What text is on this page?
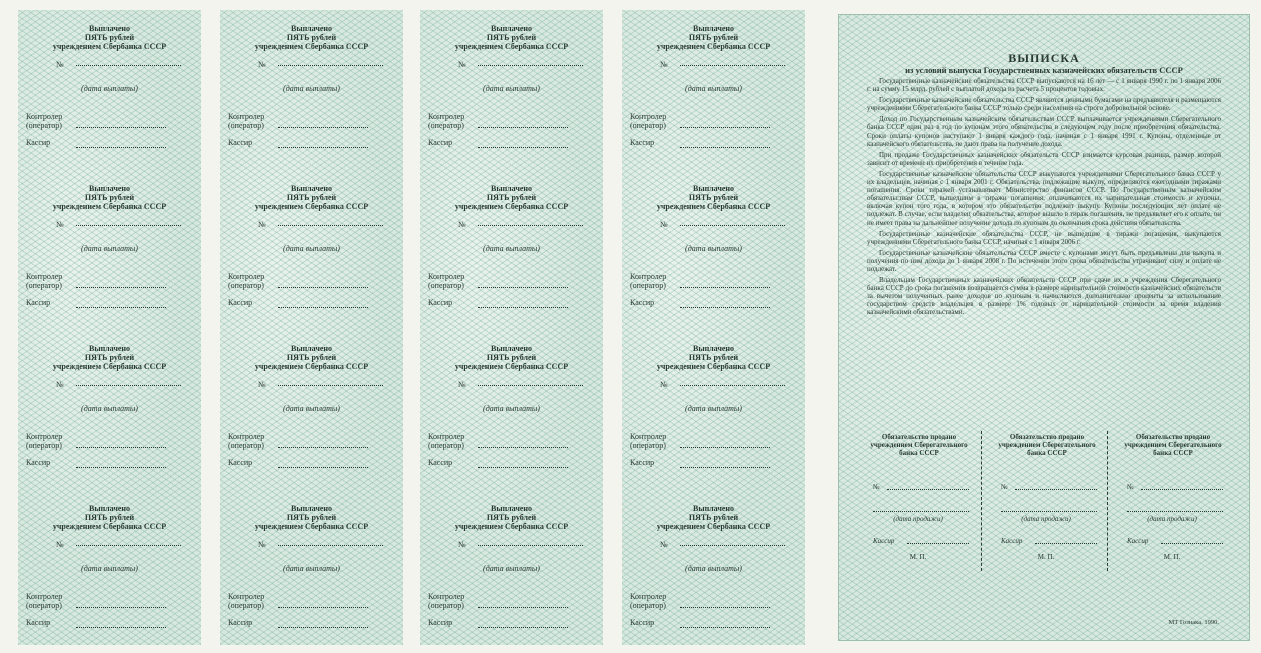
Выплачено
ПЯТЬ рублей
учреждением Сбербанка СССР
№
(дата выплаты)
Контролер
(оператор)
Кассир
Выплачено
ПЯТЬ рублей
учреждением Сбербанка СССР
№
(дата выплаты)
Контролер
(оператор)
Кассир
Выплачено
ПЯТЬ рублей
учреждением Сбербанка СССР
№
(дата выплаты)
Контролер
(оператор)
Кассир
Выплачено
ПЯТЬ рублей
учреждением Сбербанка СССР
№
(дата выплаты)
Контролер
(оператор)
Кассир
Выплачено
ПЯТЬ рублей
учреждением Сбербанка СССР
№
(дата выплаты)
Контролер
(оператор)
Кассир
Выплачено
ПЯТЬ рублей
учреждением Сбербанка СССР
№
(дата выплаты)
Контролер
(оператор)
Кассир
Выплачено
ПЯТЬ рублей
учреждением Сбербанка СССР
№
(дата выплаты)
Контролер
(оператор)
Кассир
Выплачено
ПЯТЬ рублей
учреждением Сбербанка СССР
№
(дата выплаты)
Контролер
(оператор)
Кассир
Выплачено
ПЯТЬ рублей
учреждением Сбербанка СССР
№
(дата выплаты)
Контролер
(оператор)
Кассир
Выплачено
ПЯТЬ рублей
учреждением Сбербанка СССР
№
(дата выплаты)
Контролер
(оператор)
Кассир
Выплачено
ПЯТЬ рублей
учреждением Сбербанка СССР
№
(дата выплаты)
Контролер
(оператор)
Кассир
Выплачено
ПЯТЬ рублей
учреждением Сбербанка СССР
№
(дата выплаты)
Контролер
(оператор)
Кассир
Выплачено
ПЯТЬ рублей
учреждением Сбербанка СССР
№
(дата выплаты)
Контролер
(оператор)
Кассир
Выплачено
ПЯТЬ рублей
учреждением Сбербанка СССР
№
(дата выплаты)
Контролер
(оператор)
Кассир
Выплачено
ПЯТЬ рублей
учреждением Сбербанка СССР
№
(дата выплаты)
Контролер
(оператор)
Кассир
Выплачено
ПЯТЬ рублей
учреждением Сбербанка СССР
№
(дата выплаты)
Контролер
(оператор)
Кассир
ВЫПИСКА
из условий выпуска Государственных казначейских обязательств СССР

Государственные казначейские обязательства СССР выпускаются на 16 лет — с 1 января 1990 г. по 1 января 2006 г. на сумму 15 млрд. рублей с выплатой дохода из расчета 5 процентов годовых.

Государственные казначейские обязательства СССР являются ценными бумагами на предъявителя и размещаются учреждениями Сберегательного банка СССР только среди населения на строго добровольной основе.

Доход по Государственным казначейским обязательствам СССР выплачивается учреждениями Сберегательного банка СССР один раз в год по купонам этого обязательства в следующем году после приобретения обязательства. Сроки оплаты купонов наступают 1 января каждого года, начиная с 1 января 1991 г. Купоны, отделенные от казначейского обязательства, не дают права на получение дохода.

При продаже Государственных казначейских обязательств СССР взимается курсовая разница, размер которой зависит от времени их приобретения в течение года.

Государственные казначейские обязательства СССР выкупаются учреждениями Сберегательного банка СССР у их владельцев, начиная с 1 января 2001 г. Обязательства, подлежащие выкупу, определяются ежегодными тиражами погашения. Сроки тиражей устанавливает Министерство финансов СССР. По Государственным казначейским обязательствам СССР, вышедшим в тиражи погашения, оплачиваются их нарицательная стоимость и купоны, включая купон того года, в котором это обязательство подлежит выкупу. Купоны последующих лет оплате не подлежат. В случае, если владелец обязательства, которое вышло в тираж погашения, не предъявляет его к оплате, он не имеет права на дальнейшее получение дохода по купонам до окончания срока действия обязательства.

Государственные казначейские обязательства СССР, не вышедшие в тиражи погашения, выкупаются учреждениями Сберегательного банка СССР, начиная с 1 января 2006 г.

Государственные казначейские обязательства СССР вместе с купонами могут быть предъявлены для выкупа и получения по ним дохода до 1 января 2008 г. По истечении этого срока обязательства утрачивают силу и оплате не подлежат.

Владельцам Государственных казначейских обязательств СССР при сдаче их в учреждения Сберегательного банка СССР до срока погашения возвращается сумма в размере нарицательной стоимости казначейских обязательств за вычетом полученных ранее доходов по купонам и начисляются дополнительно проценты за использование государством средств владельцев в размере 1% годовых от нарицательной стоимости за время владения казначейскими обязательствами.

Обязательство продано учреждением Сберегательного банка СССР
№
(дата продажи)
Кассир
М. П.
Обязательство продано учреждением Сберегательного банка СССР
№
(дата продажи)
Кассир
М. П.
Обязательство продано учреждением Сберегательного банка СССР
№
(дата продажи)
Кассир
М. П.
МТ Гознака. 1990.
